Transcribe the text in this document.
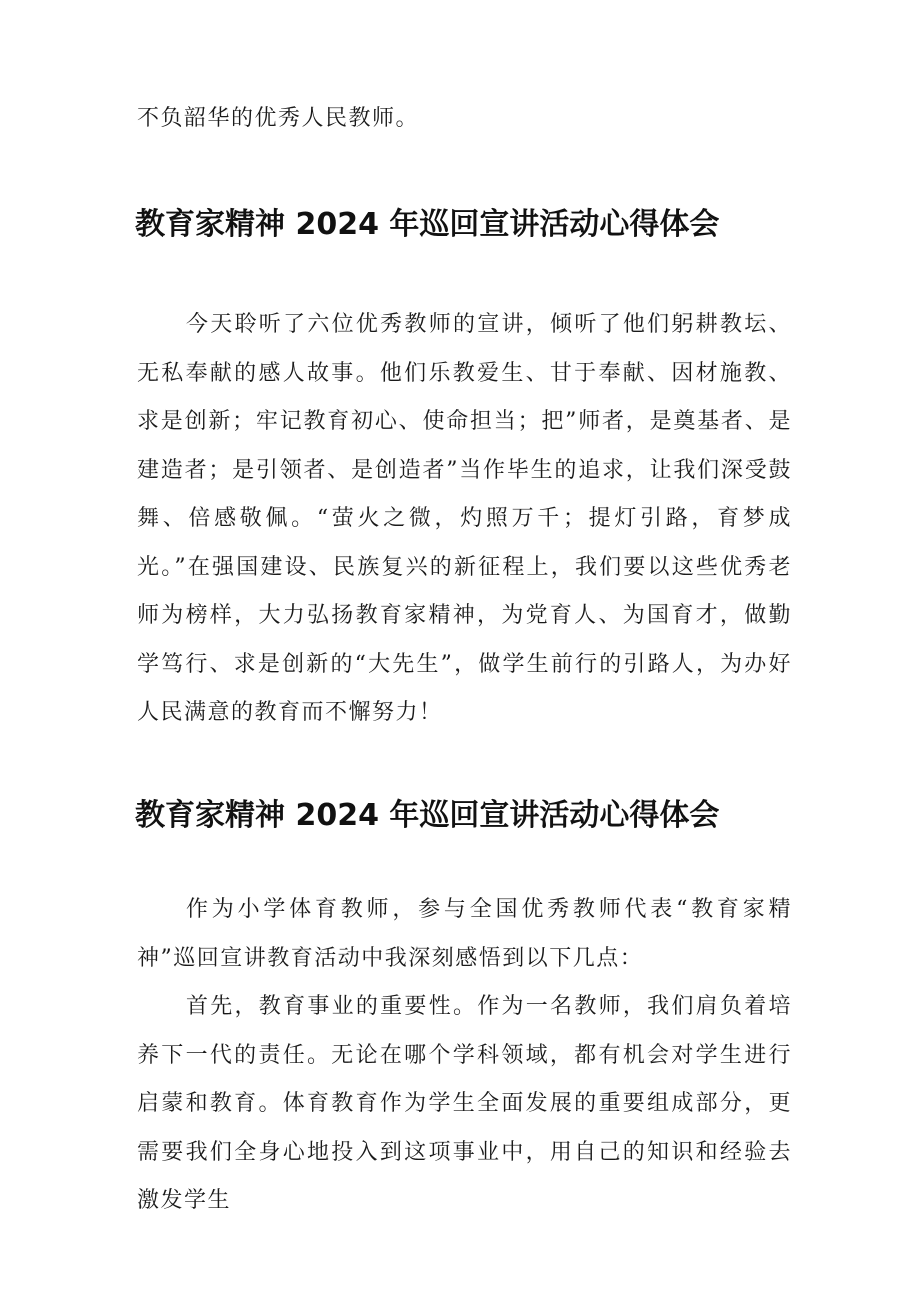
不负韶华的优秀人民教师。

教育家精神 2024 年巡回宣讲活动心得体会

今天聆听了六位优秀教师的宣讲，倾听了他们躬耕教坛、无私奉献的感人故事。他们乐教爱生、甘于奉献、因材施教、求是创新；牢记教育初心、使命担当；把”师者，是奠基者、是建造者；是引领者、是创造者”当作毕生的追求，让我们深受鼓舞、倍感敬佩。“萤火之微，灼照万千；提灯引路，育梦成光。”在强国建设、民族复兴的新征程上，我们要以这些优秀老师为榜样，大力弘扬教育家精神，为党育人、为国育才，做勤学笃行、求是创新的“大先生”，做学生前行的引路人，为办好人民满意的教育而不懈努力！

教育家精神 2024 年巡回宣讲活动心得体会

作为小学体育教师，参与全国优秀教师代表“教育家精神”巡回宣讲教育活动中我深刻感悟到以下几点：

首先，教育事业的重要性。作为一名教师，我们肩负着培养下一代的责任。无论在哪个学科领域，都有机会对学生进行启蒙和教育。体育教育作为学生全面发展的重要组成部分，更需要我们全身心地投入到这项事业中，用自己的知识和经验去激发学生
